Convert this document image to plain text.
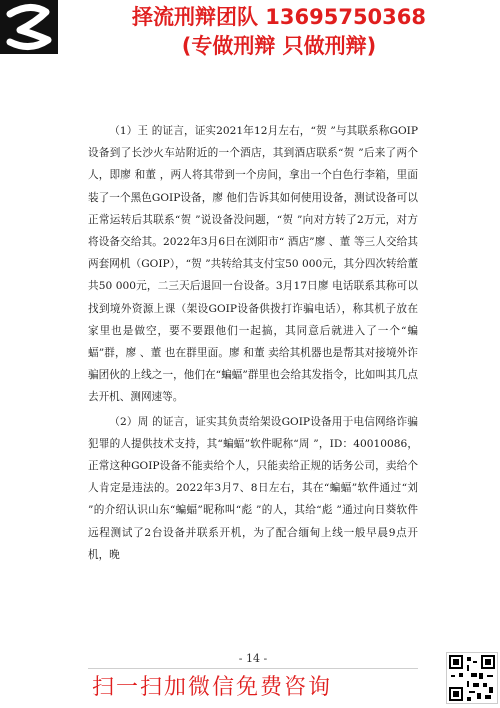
择流刑辩团队 13695750368
(专做刑辩 只做刑辩)

（1）王 的证言，证实2021年12月左右，“贺 ”与其联系称GOIP设备到了长沙火车站附近的一个酒店，其到酒店联系“贺 ”后来了两个人，即廖 和董 ，两人将其带到一个房间，拿出一个白色行李箱，里面装了一个黑色GOIP设备，廖 他们告诉其如何使用设备，测试设备可以正常运转后其联系“贺 ”说设备没问题，“贺 ”向对方转了2万元，对方将设备交给其。2022年3月6日在浏阳市“ 酒店”廖 、董 等三人交给其两套网机（GOIP），“贺 ”共转给其支付宝50 000元，其分四次转给董 共50 000元，二三天后退回一台设备。3月17日廖 电话联系其称可以找到境外资源上课（架设GOIP设备供拨打诈骗电话），称其机子放在家里也是做空，要不要跟他们一起搞，其同意后就进入了一个“蝙蝠”群，廖 、董 也在群里面。廖 和董 卖给其机器也是帮其对接境外诈骗团伙的上线之一，他们在“蝙蝠”群里也会给其发指令，比如叫其几点去开机、测网速等。

（2）周 的证言，证实其负责给架设GOIP设备用于电信网络诈骗犯罪的人提供技术支持，其“蝙蝠”软件昵称“周 ”，ID：40010086，正常这种GOIP设备不能卖给个人，只能卖给正规的话务公司，卖给个人肯定是违法的。2022年3月7、8日左右，其在“蝙蝠”软件通过“刘 ”的介绍认识山东“蝙蝠”昵称叫“彪 ”的人，其给“彪 ”通过向日葵软件远程测试了2台设备并联系开机，为了配合缅甸上线一般早晨9点开机，晚

- 14 -
扫一扫加微信免费咨询
